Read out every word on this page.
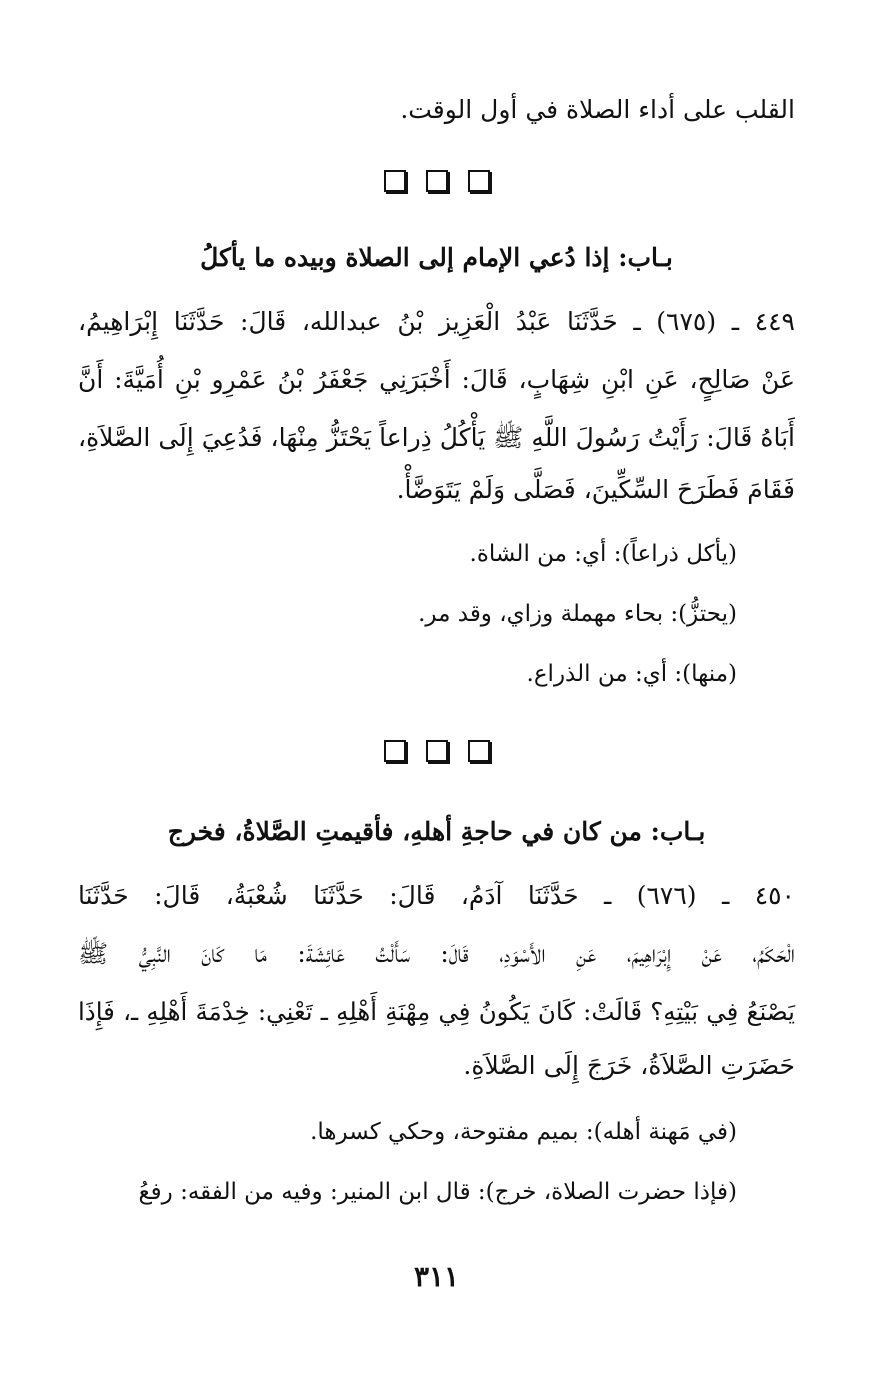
القلب على أداء الصلاة في أول الوقت.
بـاب: إذا دُعي الإمام إلى الصلاة وبيده ما يأكلُ
٤٤٩ ـ (٦٧٥) ـ حَدَّثَنَا عَبْدُ الْعَزِيز بْنُ عبدالله، قَالَ: حَدَّثَنَا إِبْرَاهِيمُ،
عَنْ صَالِحٍ، عَنِ ابْنِ شِهَابٍ، قَالَ: أَخْبَرَنِي جَعْفَرُ بْنُ عَمْرِو بْنِ أُمَيَّةَ: أَنَّ
أَبَاهُ قَالَ: رَأَيْتُ رَسُولَ اللَّهِ ﷺ يَأْكُلُ ذِراعاً يَحْتَزُّ مِنْهَا، فَدُعِيَ إِلَى الصَّلاَةِ،
فَقَامَ فَطَرَحَ السِّكِّينَ، فَصَلَّى وَلَمْ يَتَوَضَّأْ.
(يأكل ذراعاً): أي: من الشاة.
(يحتزُّ): بحاء مهملة وزاي، وقد مر.
(منها): أي: من الذراع.
بـاب: من كان في حاجةِ أهلهِ، فأقيمتِ الصَّلاةُ، فخرج
٤٥٠ ـ (٦٧٦) ـ حَدَّثَنَا آدَمُ، قَالَ: حَدَّثَنَا شُعْبَةُ، قَالَ: حَدَّثَنَا
الْحَكَمُ، عَنْ إِبْرَاهِيمَ، عَنِ الأَسْوَدِ، قَالَ: سَأَلْتُ عَائِشَةَ: مَا كَانَ النَّبِيُّ ﷺ
يَصْنَعُ فِي بَيْتِهِ؟ قَالَتْ: كَانَ يَكُونُ فِي مِهْنَةِ أَهْلِهِ ـ تَعْنِي: خِدْمَةَ أَهْلِهِ ـ، فَإِذَا
حَضَرَتِ الصَّلاَةُ، خَرَجَ إِلَى الصَّلاَةِ.
(في مَهنة أهله): بميم مفتوحة، وحكي كسرها.
(فإذا حضرت الصلاة، خرج): قال ابن المنير: وفيه من الفقه: رفعُ
٣١١
